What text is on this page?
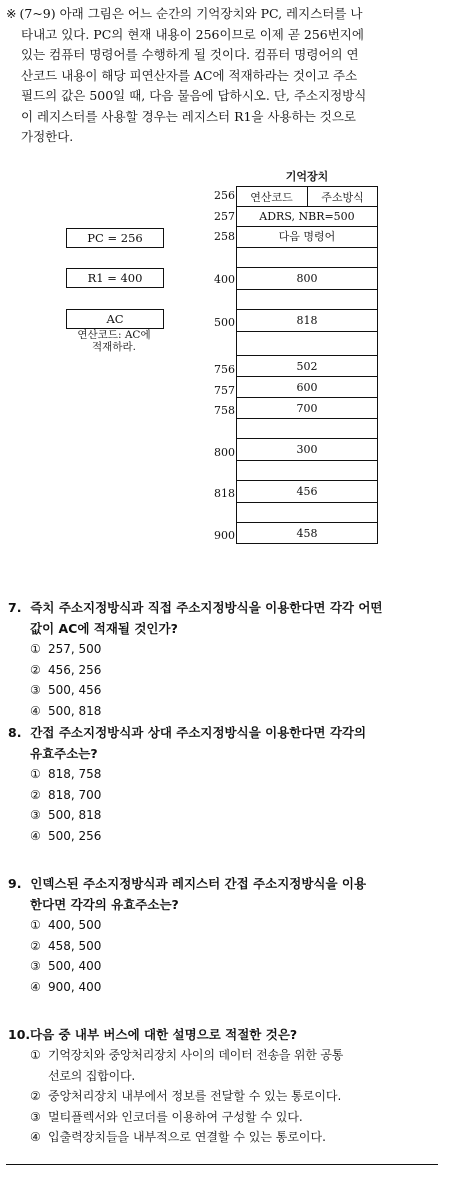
※ (7~9) 아래 그림은 어느 순간의 기억장치와 PC, 레지스터를 나
타내고 있다. PC의 현재 내용이 256이므로 이제 곧 256번지에
있는 컴퓨터 명령어를 수행하게 될 것이다. 컴퓨터 명령어의 연
산코드 내용이 해당 피연산자를 AC에 적재하라는 것이고 주소
필드의 값은 500일 때, 다음 물음에 답하시오. 단, 주소지정방식
이 레지스터를 사용할 경우는 레지스터 R1을 사용하는 것으로
가정한다.
기억장치
PC = 256
R1 = 400
AC
연산코드: AC에
적재하라.
256
257
258
400
500
756
757
758
800
818
900
연산코드	주소방식
ADRS, NBR=500
다음 명령어
800
818
502
600
700
300
456
458
7. 즉치 주소지정방식과 직접 주소지정방식을 이용한다면 각각 어떤
값이 AC에 적재될 것인가?
① 257, 500
② 456, 256
③ 500, 456
④ 500, 818
8. 간접 주소지정방식과 상대 주소지정방식을 이용한다면 각각의
유효주소는?
① 818, 758
② 818, 700
③ 500, 818
④ 500, 256
9. 인덱스된 주소지정방식과 레지스터 간접 주소지정방식을 이용
한다면 각각의 유효주소는?
① 400, 500
② 458, 500
③ 500, 400
④ 900, 400
10.다음 중 내부 버스에 대한 설명으로 적절한 것은?
① 기억장치와 중앙처리장치 사이의 데이터 전송을 위한 공통
선로의 집합이다.
② 중앙처리장치 내부에서 정보를 전달할 수 있는 통로이다.
③ 멀티플렉서와 인코더를 이용하여 구성할 수 있다.
④ 입출력장치들을 내부적으로 연결할 수 있는 통로이다.
